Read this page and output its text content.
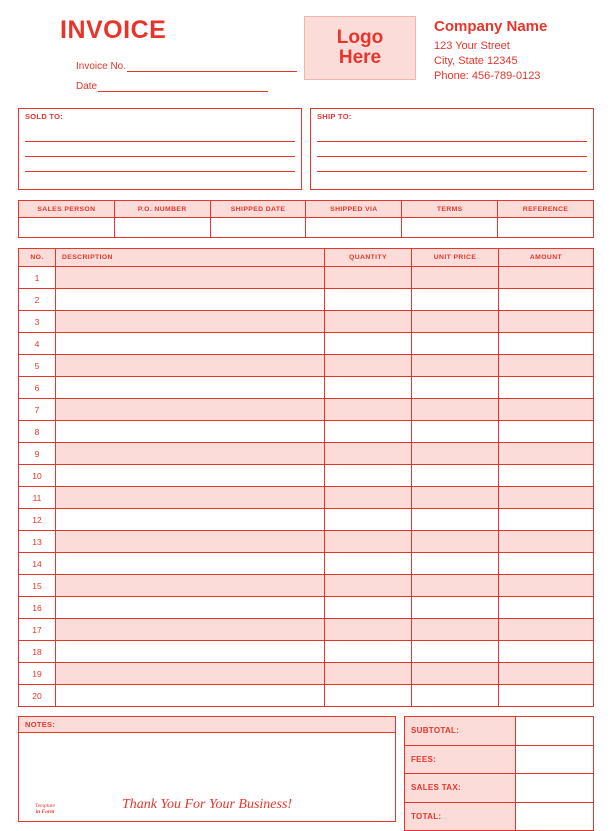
INVOICE
Invoice No.
Date
Logo
Here
Company Name
123 Your Street
City, State 12345
Phone: 456-789-0123
SOLD TO:	SHIP TO:
SALES PERSON	P.O. NUMBER	SHIPPED DATE	SHIPPED VIA	TERMS	REFERENCE

NO.	DESCRIPTION	QUANTITY	UNIT PRICE	AMOUNT
1				
2				
3				
4				
5				
6				
7				
8				
9				
10				
11				
12				
13				
14				
15				
16				
17				
18				
19				
20				
NOTES:
Template
in Form	Thank You For Your Business!
SUBTOTAL:	
FEES:	
SALES TAX:	
TOTAL:	
